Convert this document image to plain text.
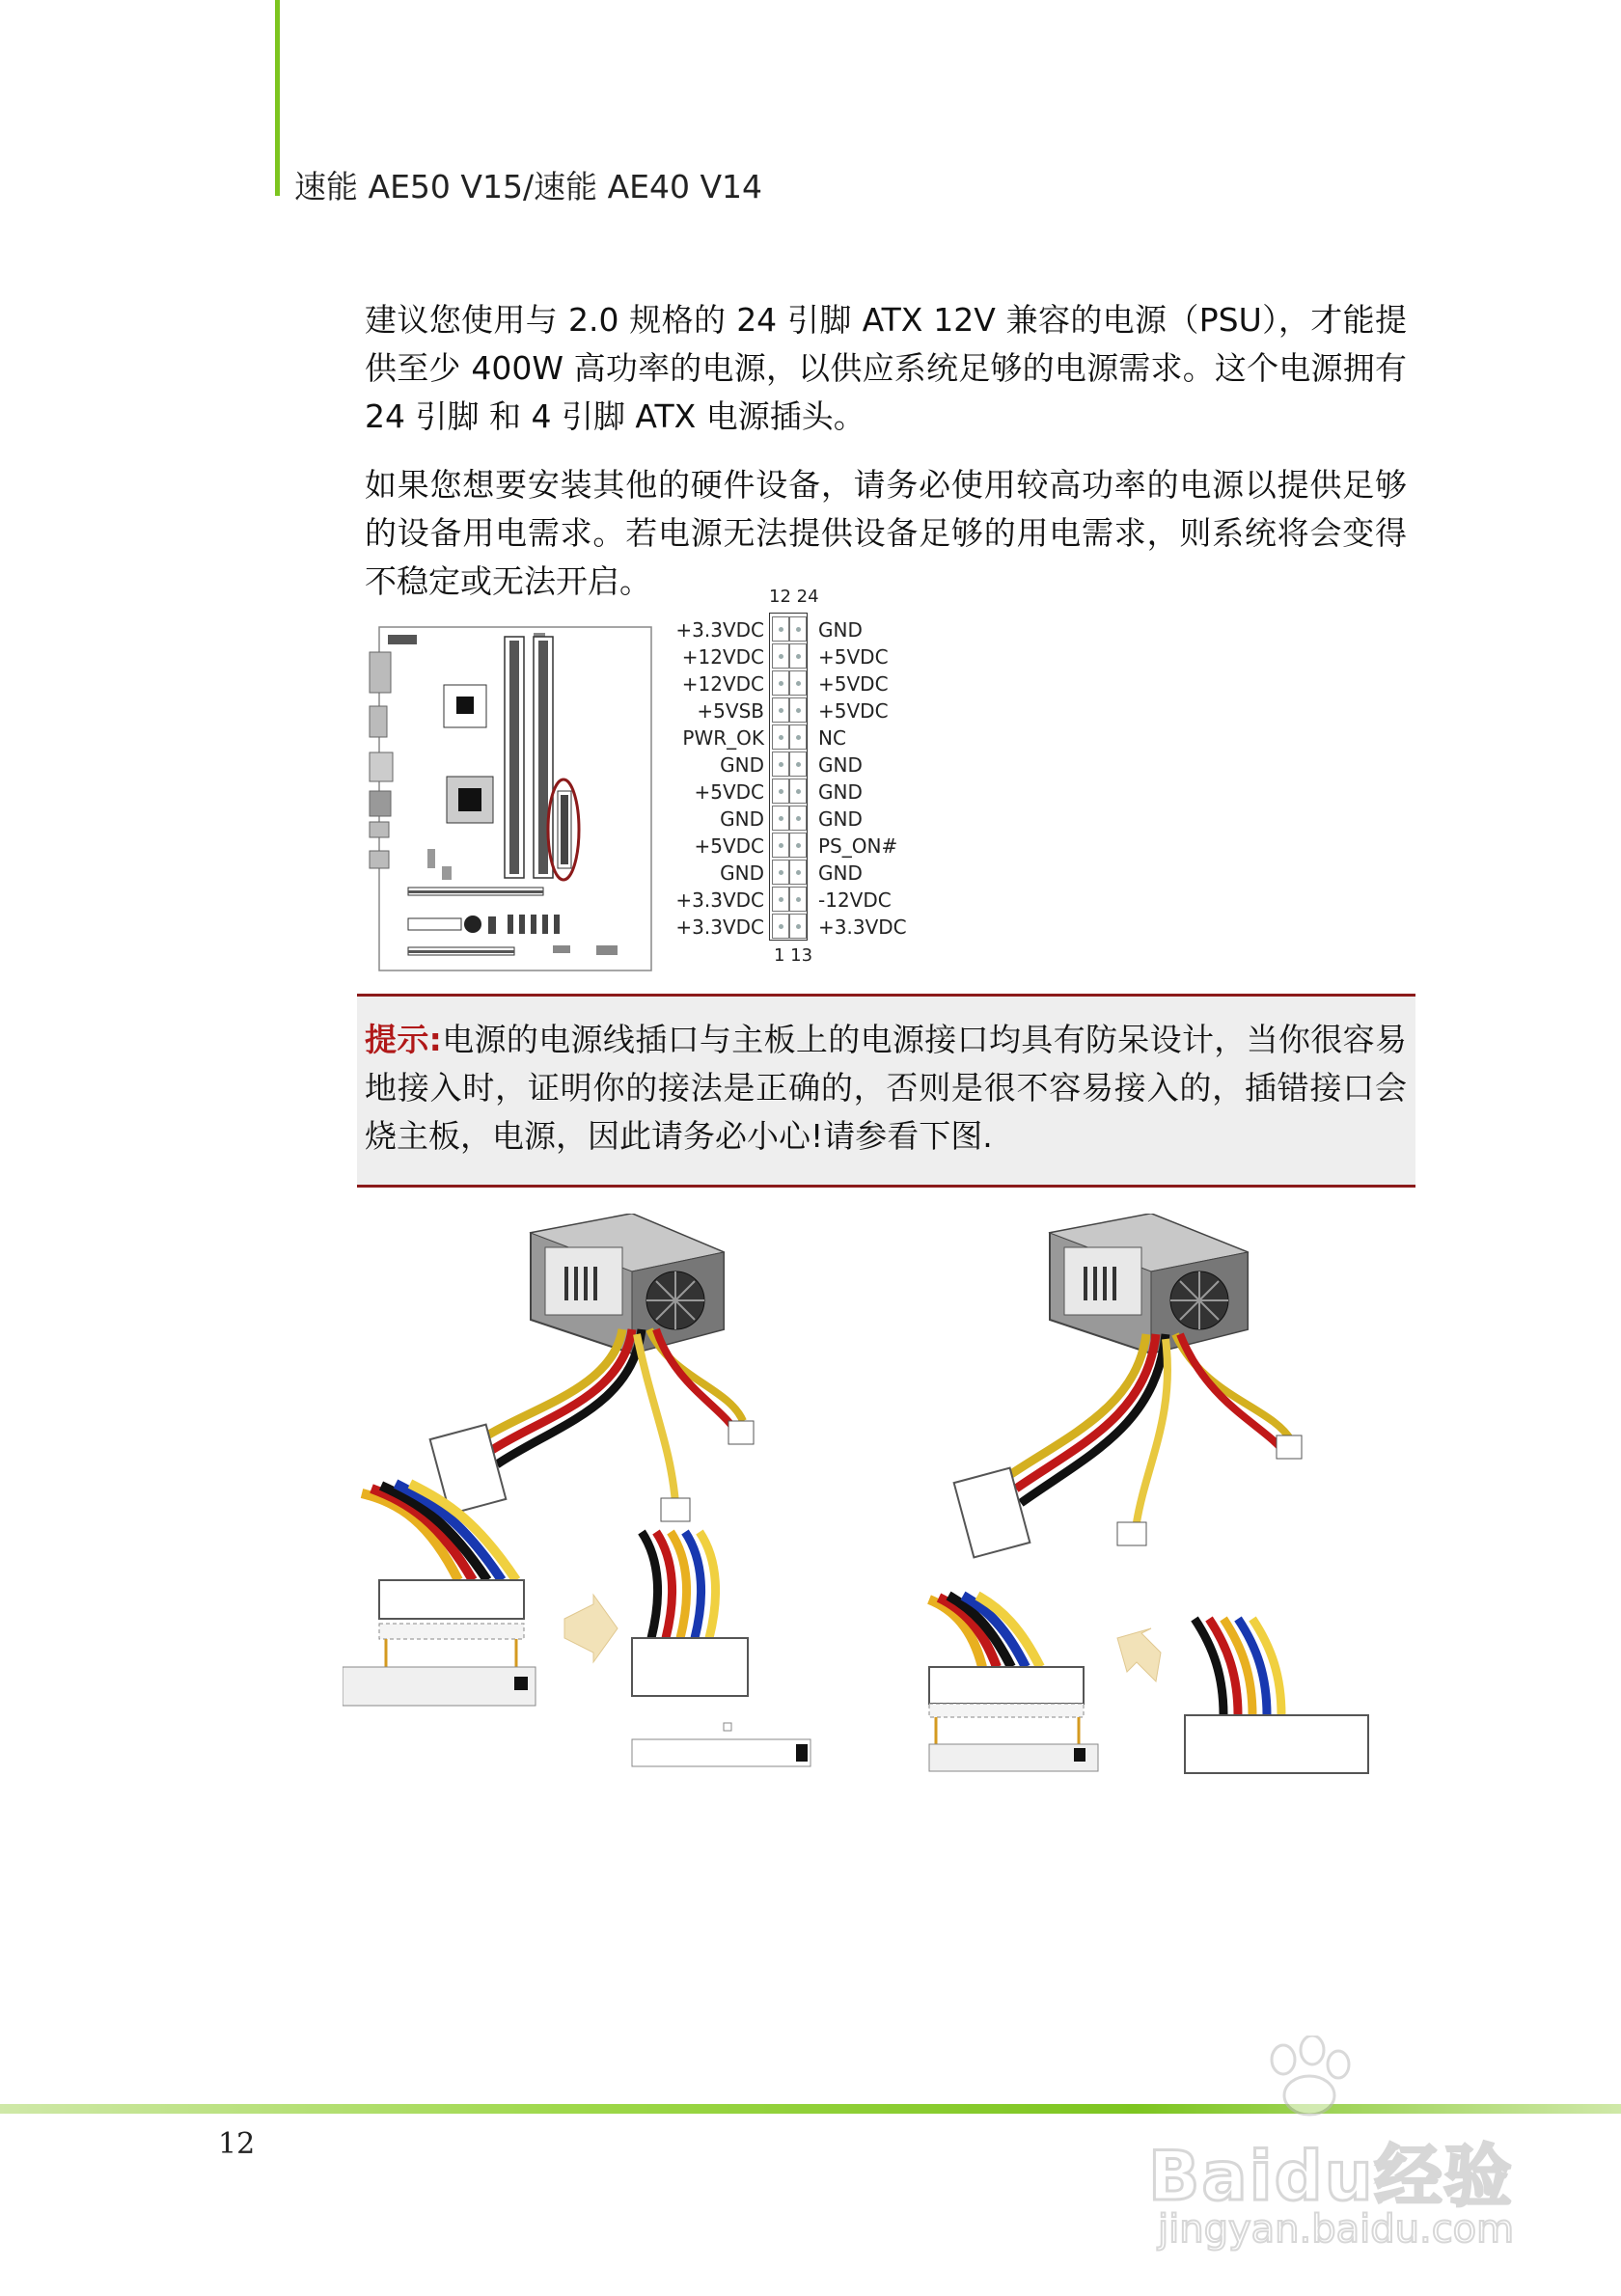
速能 AE50 V15/速能 AE40 V14
建议您使用与 2.0 规格的 24 引脚 ATX 12V 兼容的电源（PSU），才能提供至少 400W 高功率的电源，以供应系统足够的电源需求。这个电源拥有 24 引脚 和 4 引脚 ATX 电源插头。
如果您想要安装其他的硬件设备，请务必使用较高功率的电源以提供足够的设备用电需求。若电源无法提供设备足够的用电需求，则系统将会变得不稳定或无法开启。	12 24
+3.3VDC
+12VDC
+12VDC
+5VSB
PWR_OK
GND
+5VDC
GND
+5VDC
GND
+3.3VDC
+3.3VDC
GND
+5VDC
+5VDC
+5VDC
NC
GND
GND
GND
PS_ON#
GND
-12VDC
+3.3VDC
1 13
提示:电源的电源线插口与主板上的电源接口均具有防呆设计，当你很容易地接入时，证明你的接法是正确的，否则是很不容易接入的，插错接口会烧主板，电源，因此请务必小心!请参看下图.
12	Baidu经验
jingyan.baidu.com
